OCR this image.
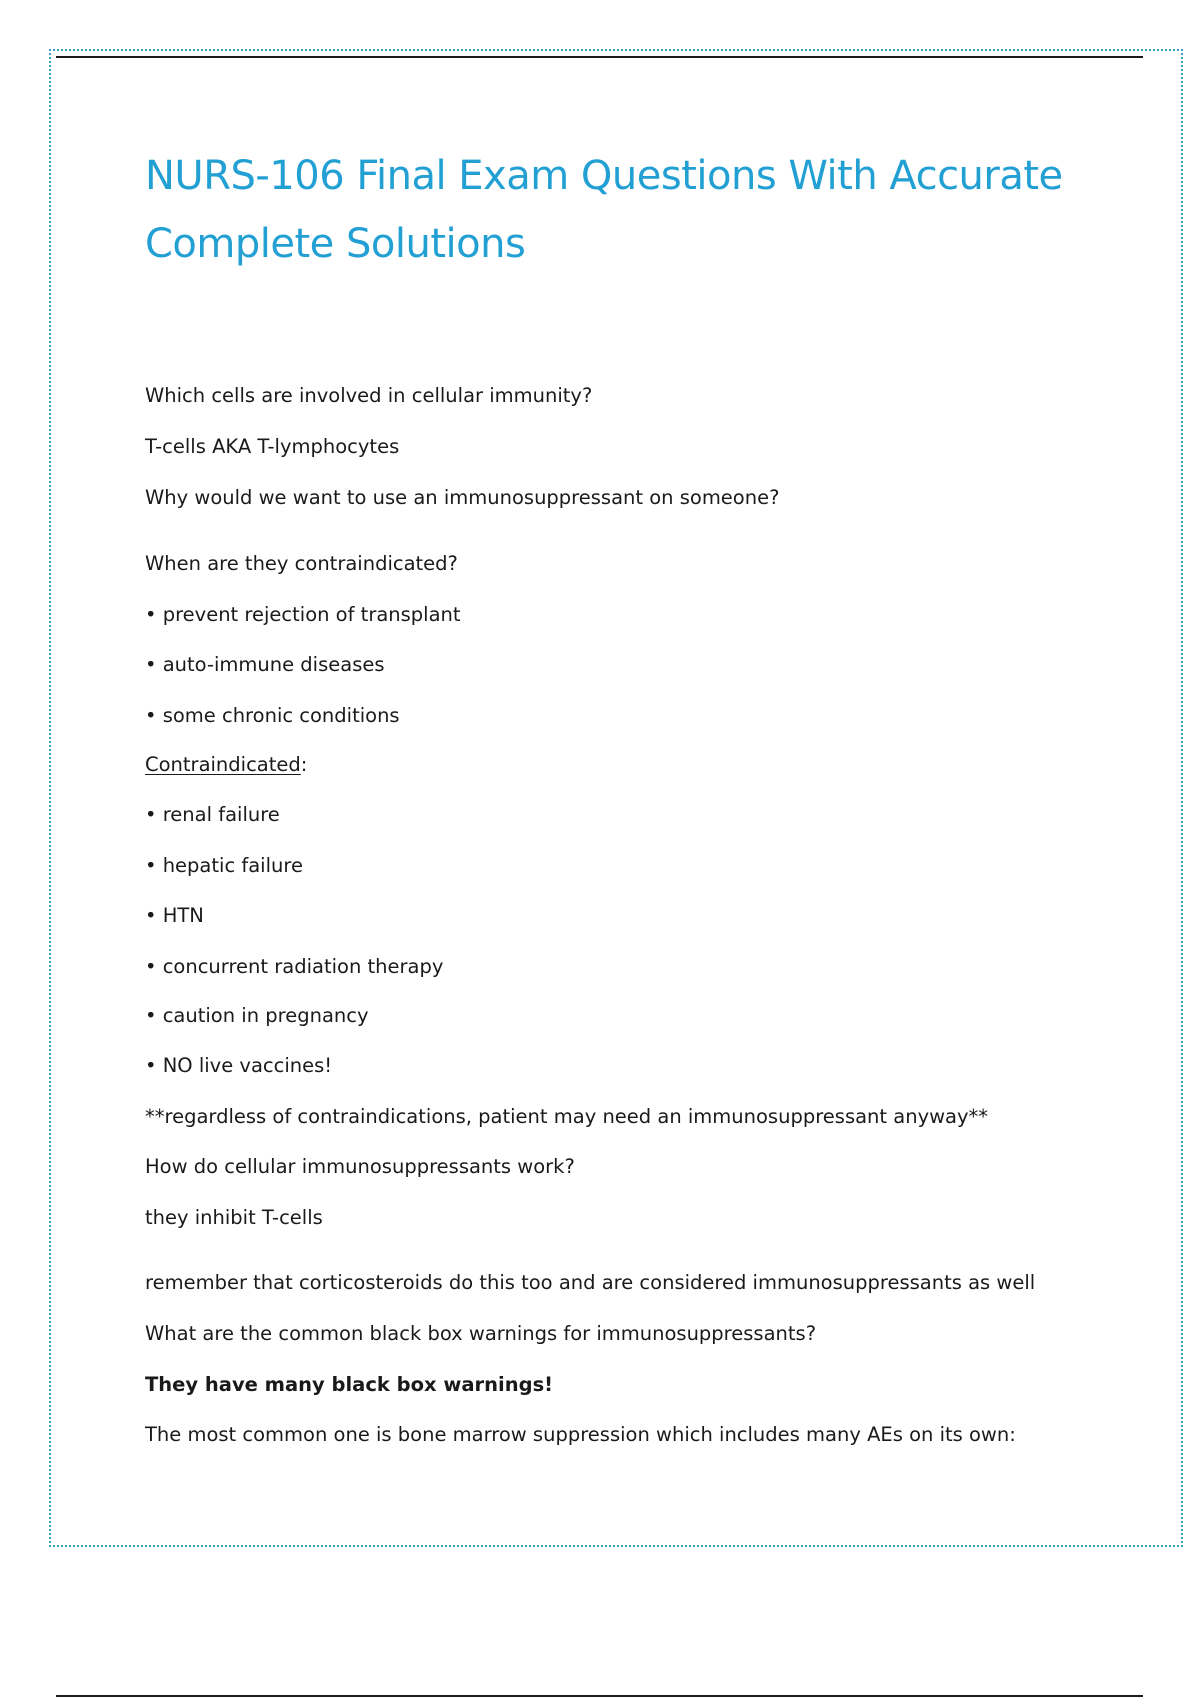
NURS-106 Final Exam Questions With Accurate Complete Solutions
Which cells are involved in cellular immunity?
T-cells AKA T-lymphocytes
Why would we want to use an immunosuppressant on someone?
When are they contraindicated?
• prevent rejection of transplant
• auto-immune diseases
• some chronic conditions
Contraindicated:
• renal failure
• hepatic failure
• HTN
• concurrent radiation therapy
• caution in pregnancy
• NO live vaccines!
**regardless of contraindications, patient may need an immunosuppressant anyway**
How do cellular immunosuppressants work?
they inhibit T-cells
remember that corticosteroids do this too and are considered immunosuppressants as well
What are the common black box warnings for immunosuppressants?
They have many black box warnings!
The most common one is bone marrow suppression which includes many AEs on its own:
